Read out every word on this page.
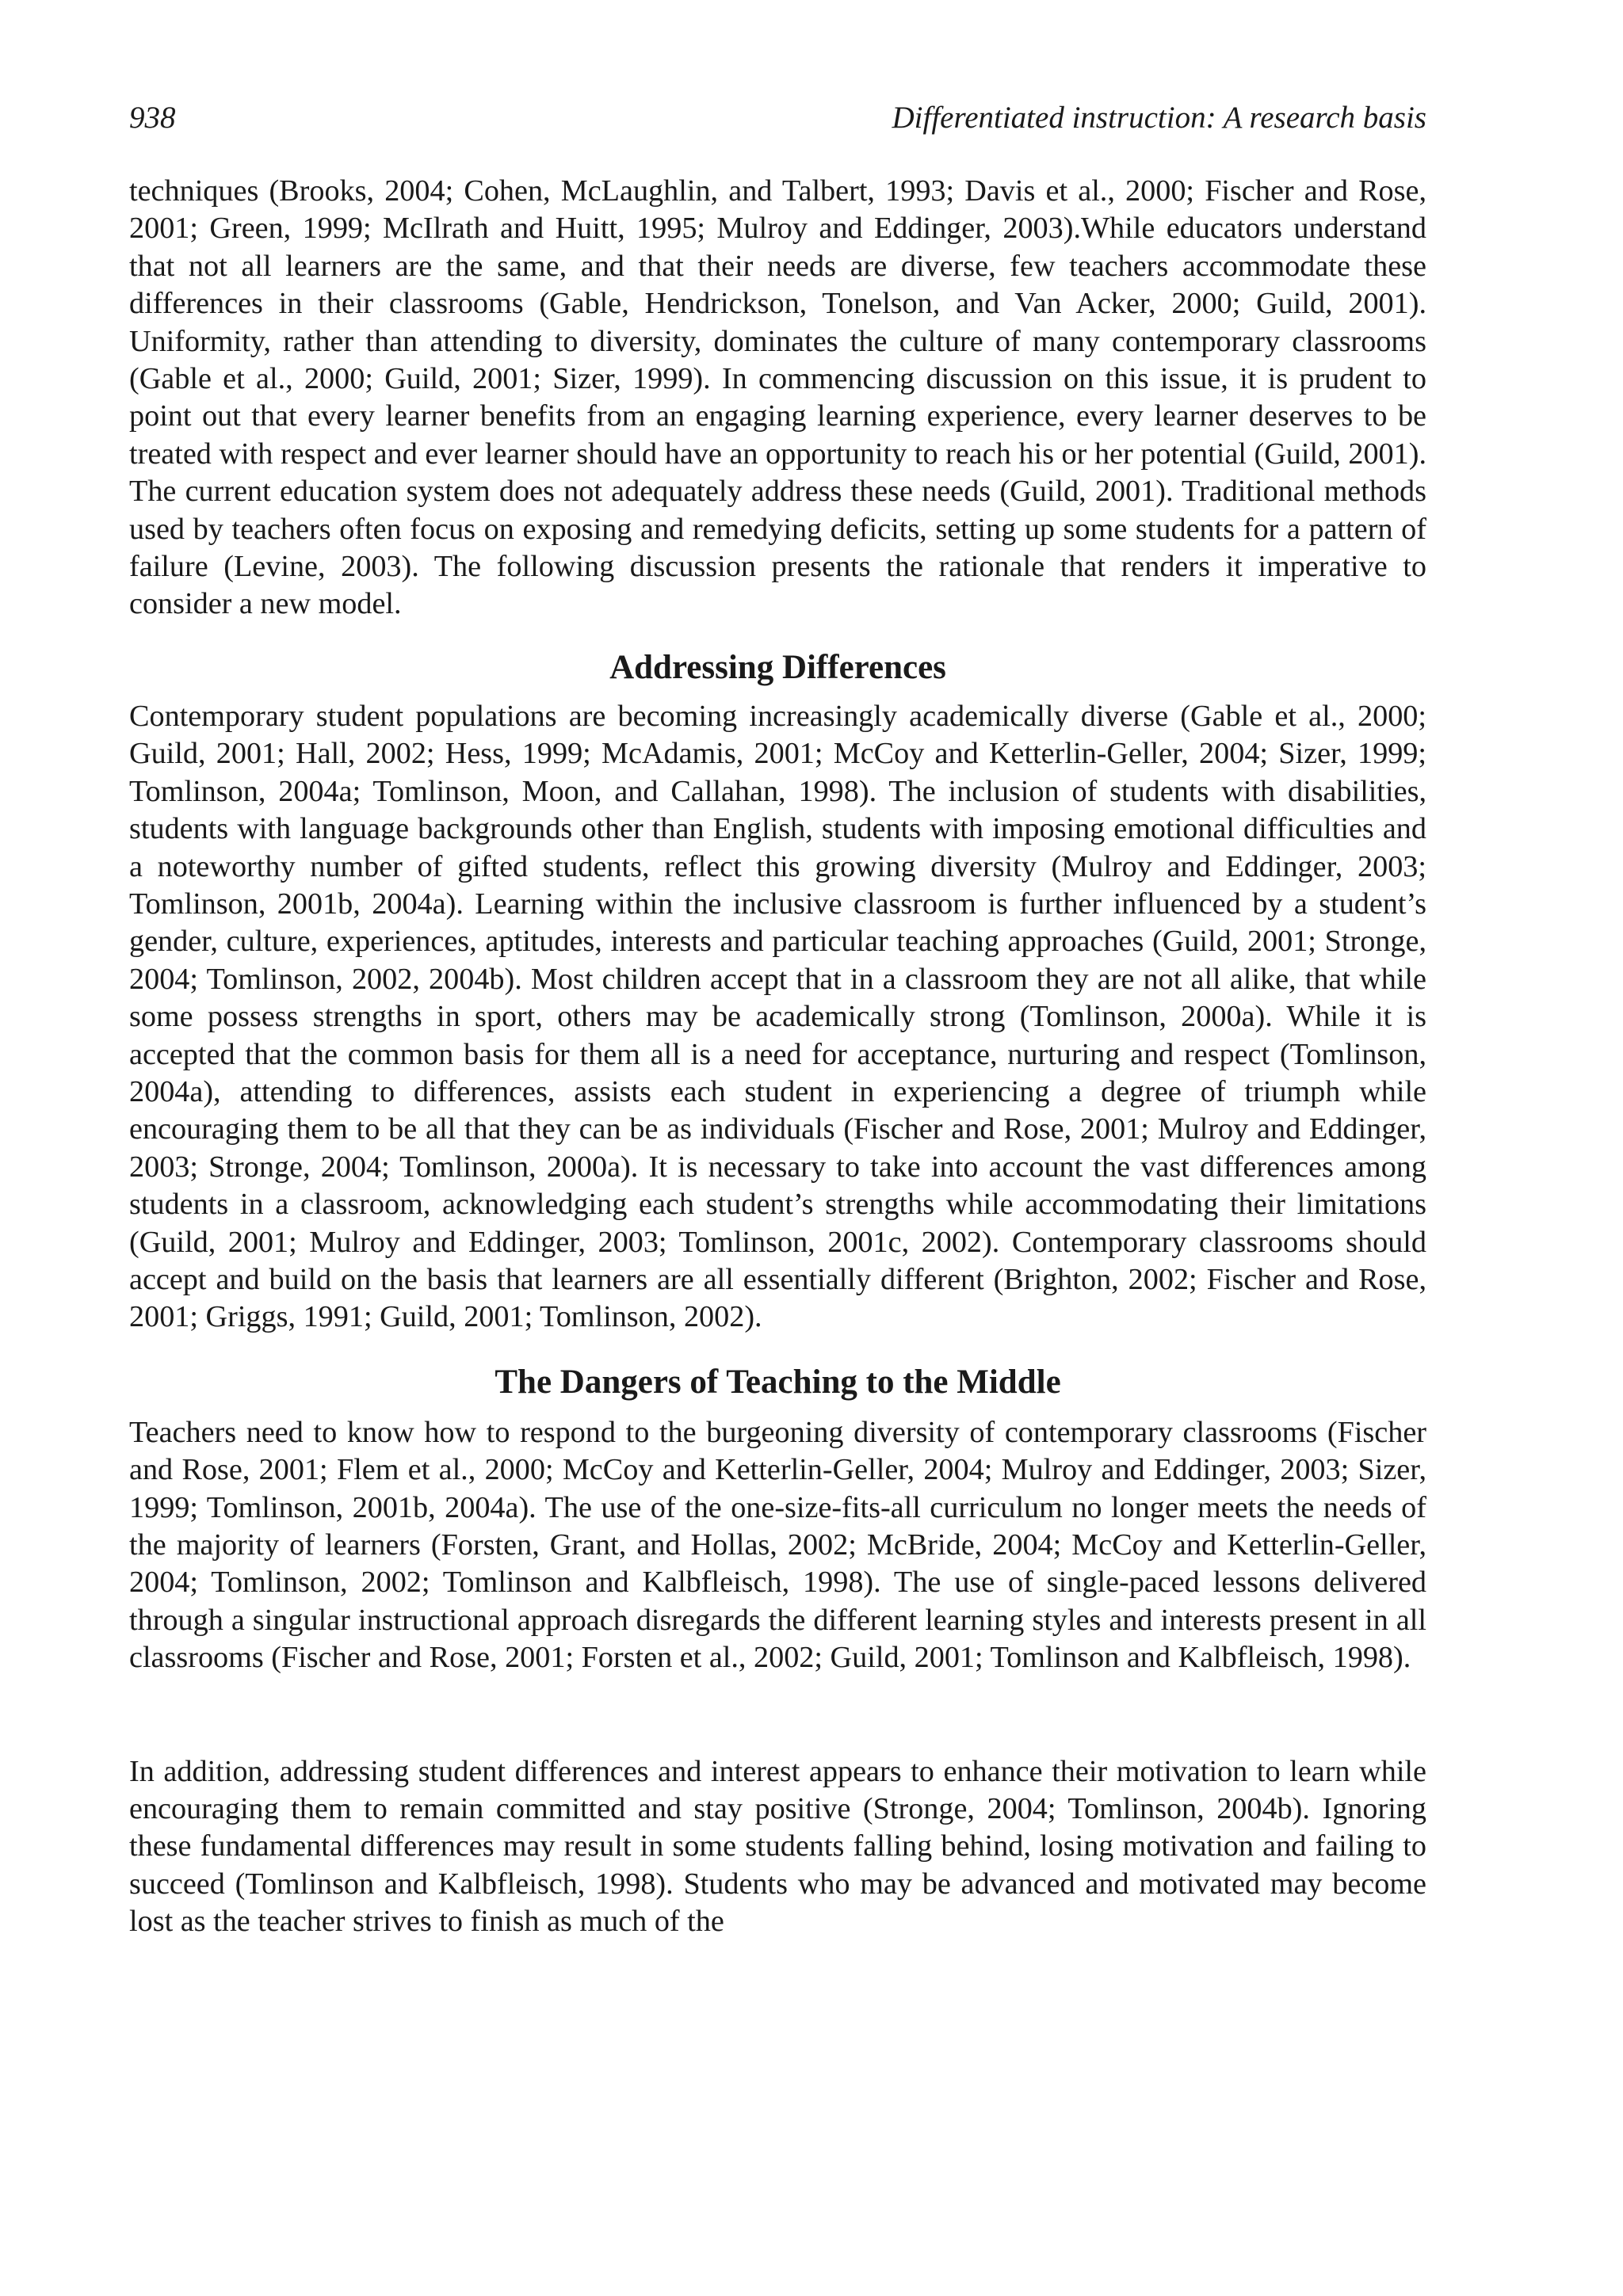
938	Differentiated instruction: A research basis

techniques (Brooks, 2004; Cohen, McLaughlin, and Talbert, 1993; Davis et al., 2000; Fischer and Rose, 2001; Green, 1999; McIlrath and Huitt, 1995; Mulroy and Eddinger, 2003).While educators understand that not all learners are the same, and that their needs are diverse, few teachers accommodate these differences in their classrooms (Gable, Hendrickson, Tonelson, and Van Acker, 2000; Guild, 2001). Uniformity, rather than attending to diversity, dominates the culture of many contemporary classrooms (Gable et al., 2000; Guild, 2001; Sizer, 1999). In commencing discussion on this issue, it is prudent to point out that every learner benefits from an engaging learning experience, every learner deserves to be treated with respect and ever learner should have an opportunity to reach his or her potential (Guild, 2001). The current education system does not adequately address these needs (Guild, 2001). Traditional methods used by teachers often focus on exposing and remedying deficits, setting up some students for a pattern of failure (Levine, 2003). The following discussion presents the rationale that renders it imperative to consider a new model.

Addressing Differences

Contemporary student populations are becoming increasingly academically diverse (Gable et al., 2000; Guild, 2001; Hall, 2002; Hess, 1999; McAdamis, 2001; McCoy and Ketterlin-Geller, 2004; Sizer, 1999; Tomlinson, 2004a; Tomlinson, Moon, and Callahan, 1998). The inclusion of students with disabilities, students with language backgrounds other than English, students with imposing emotional difficulties and a noteworthy number of gifted students, reflect this growing diversity (Mulroy and Eddinger, 2003; Tomlinson, 2001b, 2004a). Learning within the inclusive classroom is further influenced by a student’s gender, culture, experiences, aptitudes, interests and particular teaching approaches (Guild, 2001; Stronge, 2004; Tomlinson, 2002, 2004b). Most children accept that in a classroom they are not all alike, that while some possess strengths in sport, others may be academically strong (Tomlinson, 2000a). While it is accepted that the common basis for them all is a need for acceptance, nurturing and respect (Tomlinson, 2004a), attending to differences, assists each student in experiencing a degree of triumph while encouraging them to be all that they can be as individuals (Fischer and Rose, 2001; Mulroy and Eddinger, 2003; Stronge, 2004; Tomlinson, 2000a). It is necessary to take into account the vast differences among students in a classroom, acknowledging each student’s strengths while accommodating their limitations (Guild, 2001; Mulroy and Eddinger, 2003; Tomlinson, 2001c, 2002). Contemporary classrooms should accept and build on the basis that learners are all essentially different (Brighton, 2002; Fischer and Rose, 2001; Griggs, 1991; Guild, 2001; Tomlinson, 2002).

The Dangers of Teaching to the Middle

Teachers need to know how to respond to the burgeoning diversity of contemporary classrooms (Fischer and Rose, 2001; Flem et al., 2000; McCoy and Ketterlin-Geller, 2004; Mulroy and Eddinger, 2003; Sizer, 1999; Tomlinson, 2001b, 2004a). The use of the one-size-fits-all curriculum no longer meets the needs of the majority of learners (Forsten, Grant, and Hollas, 2002; McBride, 2004; McCoy and Ketterlin-Geller, 2004; Tomlinson, 2002; Tomlinson and Kalbfleisch, 1998). The use of single-paced lessons delivered through a singular instructional approach disregards the different learning styles and interests present in all classrooms (Fischer and Rose, 2001; Forsten et al., 2002; Guild, 2001; Tomlinson and Kalbfleisch, 1998).

In addition, addressing student differences and interest appears to enhance their motivation to learn while encouraging them to remain committed and stay positive (Stronge, 2004; Tomlinson, 2004b). Ignoring these fundamental differences may result in some students falling behind, losing motivation and failing to succeed (Tomlinson and Kalbfleisch, 1998). Students who may be advanced and motivated may become lost as the teacher strives to finish as much of the
